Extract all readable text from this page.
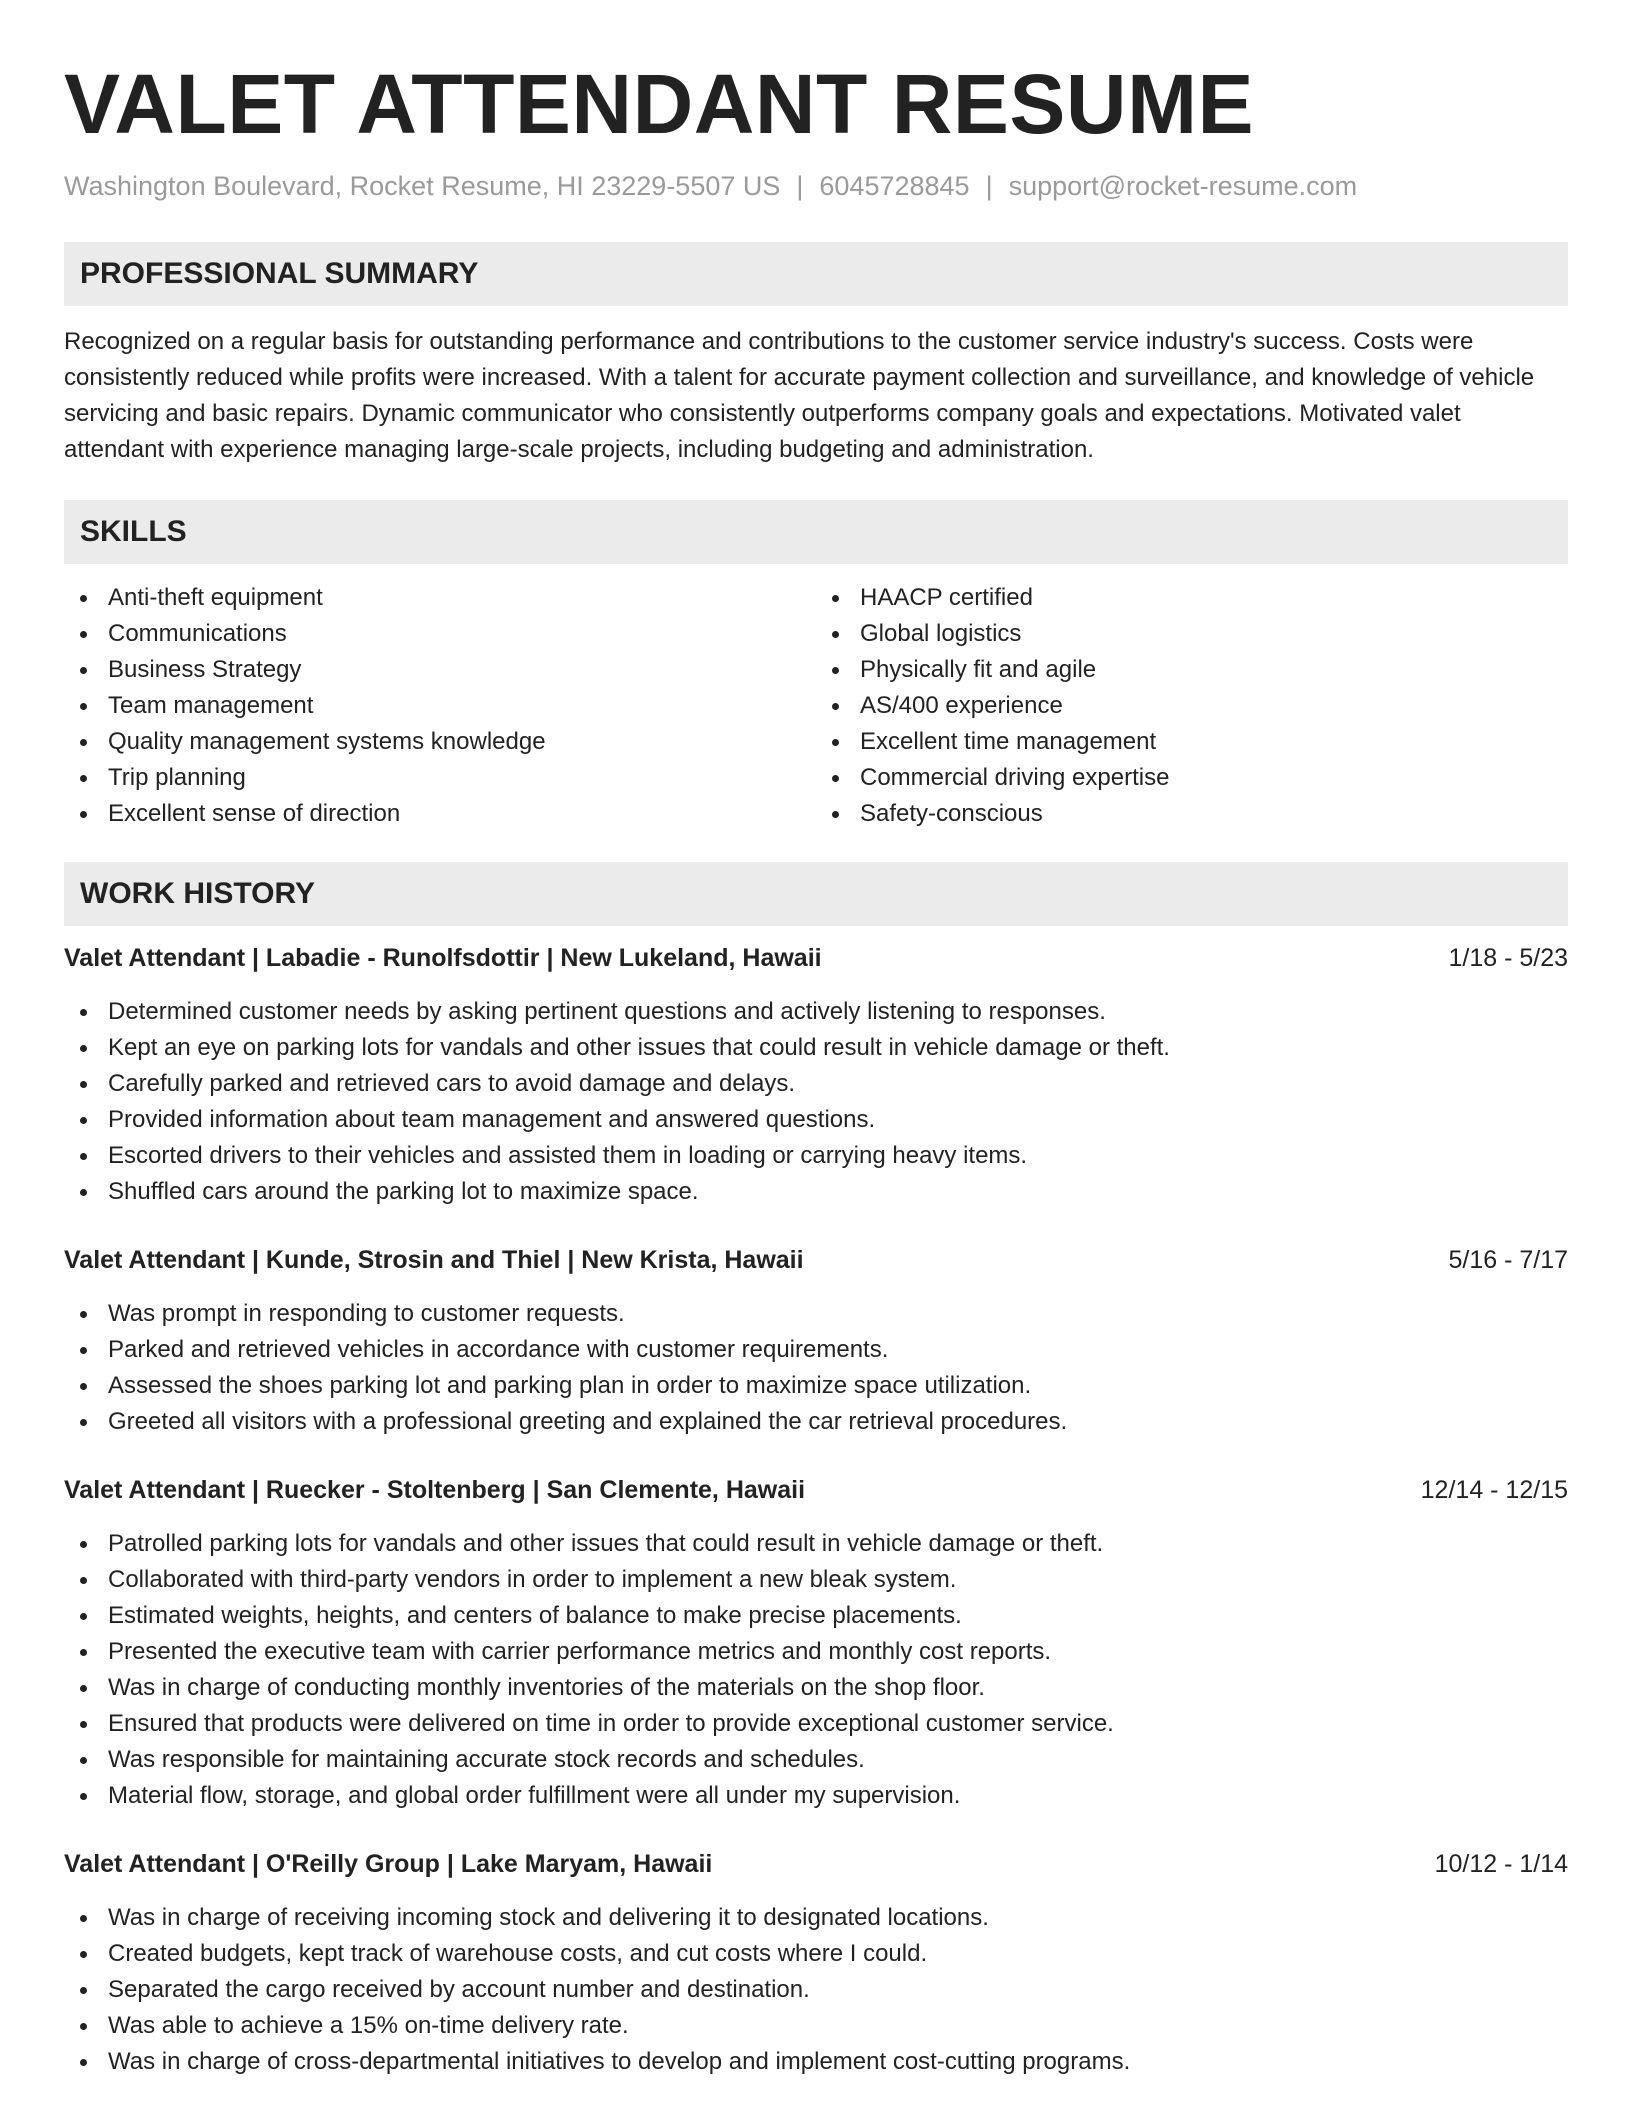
VALET ATTENDANT RESUME
Washington Boulevard, Rocket Resume, HI 23229-5507 US | 6045728845 | support@rocket-resume.com
PROFESSIONAL SUMMARY

Recognized on a regular basis for outstanding performance and contributions to the customer service industry's success. Costs were consistently reduced while profits were increased. With a talent for accurate payment collection and surveillance, and knowledge of vehicle servicing and basic repairs. Dynamic communicator who consistently outperforms company goals and expectations. Motivated valet attendant with experience managing large-scale projects, including budgeting and administration.

SKILLS
Anti-theft equipment
Communications
Business Strategy
Team management
Quality management systems knowledge
Trip planning
Excellent sense of direction
HAACP certified
Global logistics
Physically fit and agile
AS/400 experience
Excellent time management
Commercial driving expertise
Safety-conscious
WORK HISTORY
Valet Attendant | Labadie - Runolfsdottir | New Lukeland, Hawaii	1/18 - 5/23
Determined customer needs by asking pertinent questions and actively listening to responses.
Kept an eye on parking lots for vandals and other issues that could result in vehicle damage or theft.
Carefully parked and retrieved cars to avoid damage and delays.
Provided information about team management and answered questions.
Escorted drivers to their vehicles and assisted them in loading or carrying heavy items.
Shuffled cars around the parking lot to maximize space.
Valet Attendant | Kunde, Strosin and Thiel | New Krista, Hawaii	5/16 - 7/17
Was prompt in responding to customer requests.
Parked and retrieved vehicles in accordance with customer requirements.
Assessed the shoes parking lot and parking plan in order to maximize space utilization.
Greeted all visitors with a professional greeting and explained the car retrieval procedures.
Valet Attendant | Ruecker - Stoltenberg | San Clemente, Hawaii	12/14 - 12/15
Patrolled parking lots for vandals and other issues that could result in vehicle damage or theft.
Collaborated with third-party vendors in order to implement a new bleak system.
Estimated weights, heights, and centers of balance to make precise placements.
Presented the executive team with carrier performance metrics and monthly cost reports.
Was in charge of conducting monthly inventories of the materials on the shop floor.
Ensured that products were delivered on time in order to provide exceptional customer service.
Was responsible for maintaining accurate stock records and schedules.
Material flow, storage, and global order fulfillment were all under my supervision.
Valet Attendant | O'Reilly Group | Lake Maryam, Hawaii	10/12 - 1/14
Was in charge of receiving incoming stock and delivering it to designated locations.
Created budgets, kept track of warehouse costs, and cut costs where I could.
Separated the cargo received by account number and destination.
Was able to achieve a 15% on-time delivery rate.
Was in charge of cross-departmental initiatives to develop and implement cost-cutting programs.
